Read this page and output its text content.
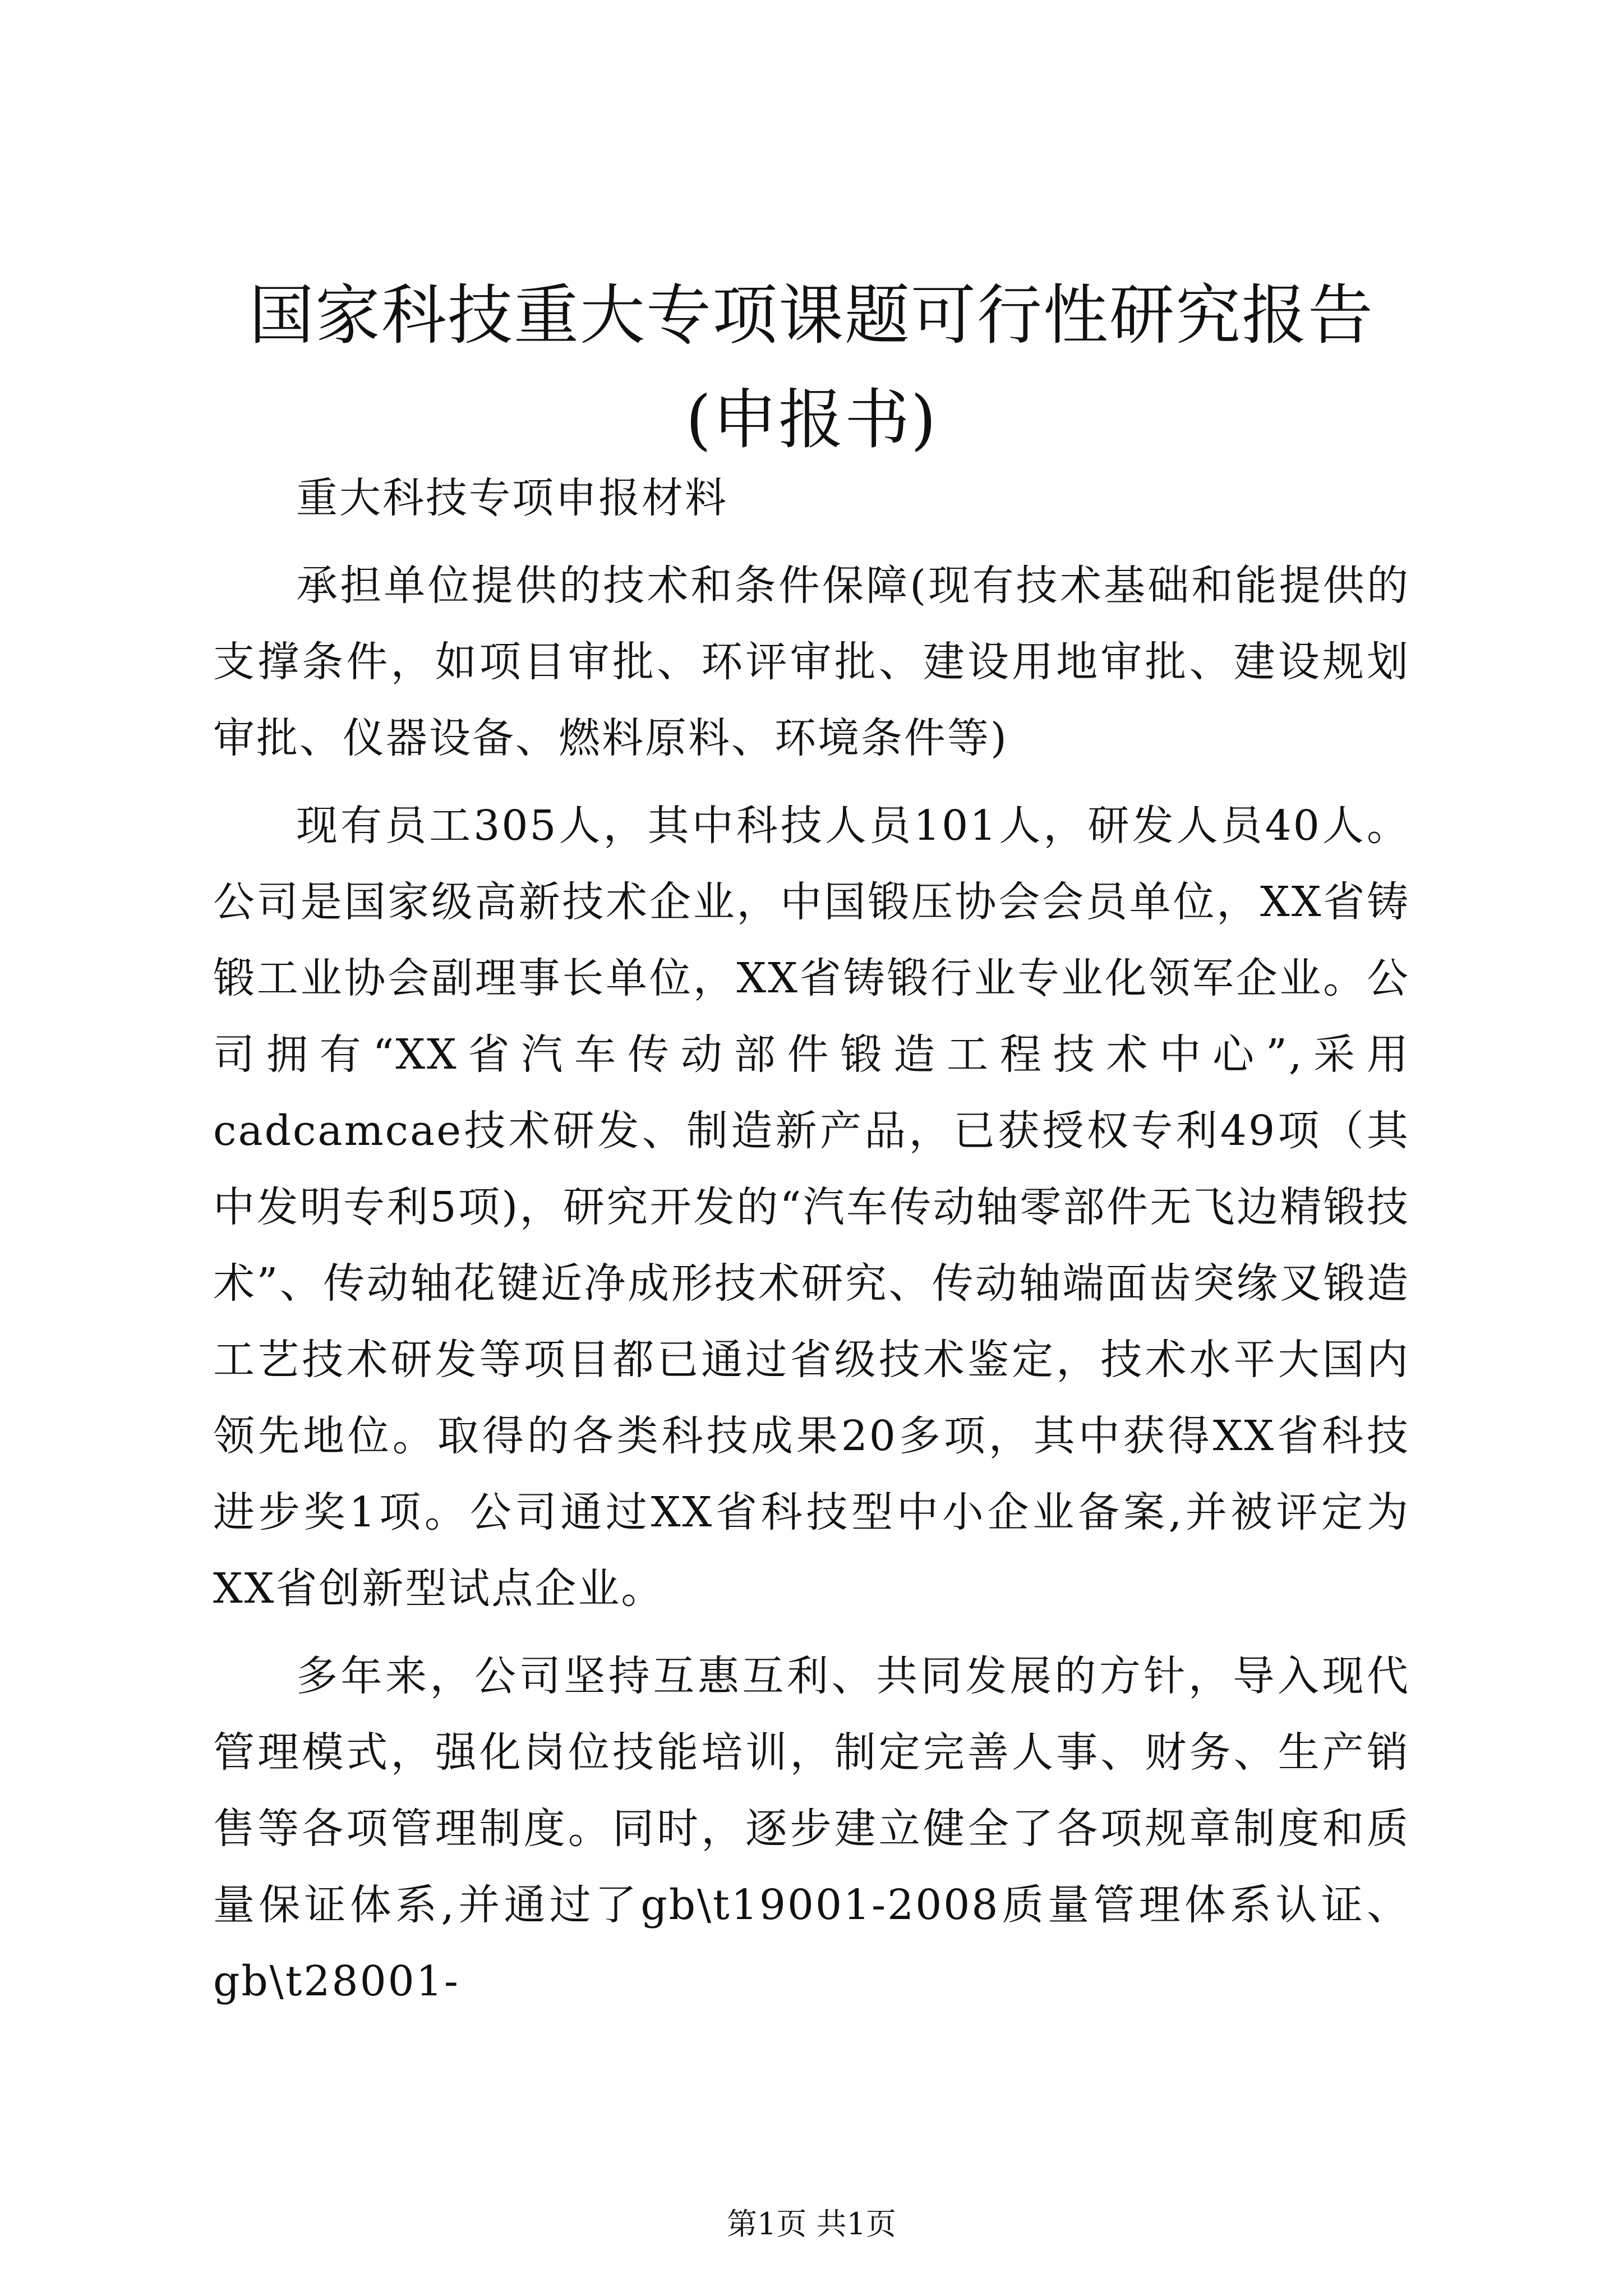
国家科技重大专项课题可行性研究报告(申报书)

重大科技专项申报材料

承担单位提供的技术和条件保障(现有技术基础和能提供的支撑条件，如项目审批、环评审批、建设用地审批、建设规划审批、仪器设备、燃料原料、环境条件等)

现有员工305人，其中科技人员101人，研发人员40人。公司是国家级高新技术企业，中国锻压协会会员单位，XX省铸锻工业协会副理事长单位，XX省铸锻行业专业化领军企业。公司拥有“XX省汽车传动部件锻造工程技术中心”,采用cadcamcae技术研发、制造新产品，已获授权专利49项（其中发明专利5项)，研究开发的“汽车传动轴零部件无飞边精锻技术”、传动轴花键近净成形技术研究、传动轴端面齿突缘叉锻造工艺技术研发等项目都已通过省级技术鉴定，技术水平大国内领先地位。取得的各类科技成果20多项，其中获得XX省科技进步奖1项。公司通过XX省科技型中小企业备案,并被评定为XX省创新型试点企业。

多年来，公司坚持互惠互利、共同发展的方针，导入现代管理模式，强化岗位技能培训，制定完善人事、财务、生产销售等各项管理制度。同时，逐步建立健全了各项规章制度和质量保证体系,并通过了gb\t19001-2008质量管理体系认证、gb\t28001-

第1页 共1页
